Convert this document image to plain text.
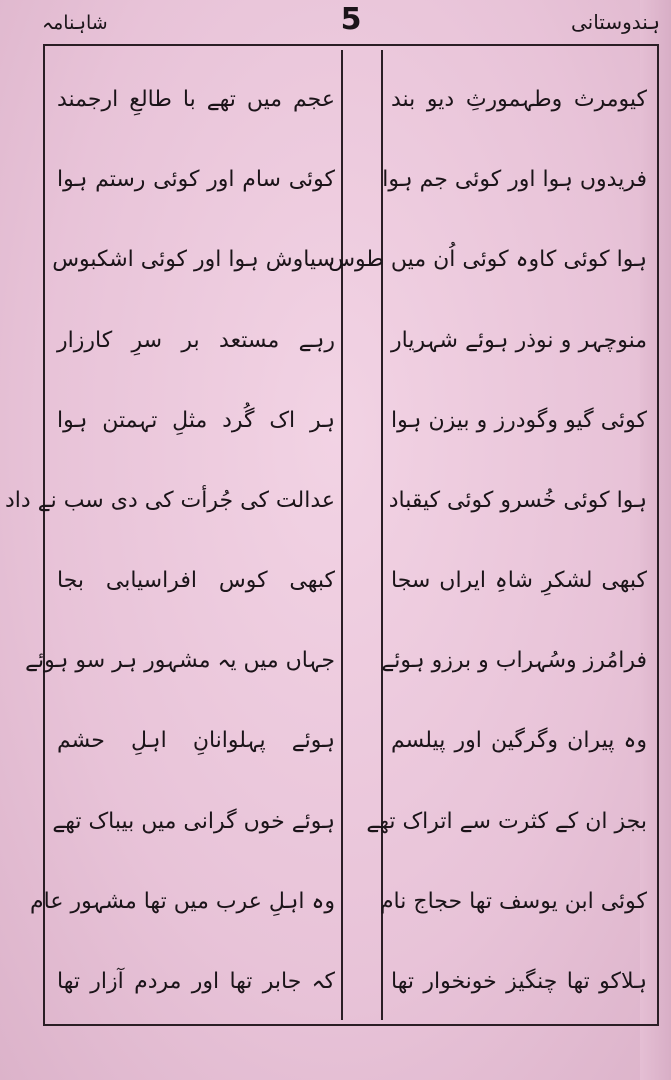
ہندوستانی
5
شاہنامہ
عجم میں تھے با طالعِ ارجمند
کوئی سام اور کوئی رستم ہوا
سیاوش ہوا اور کوئی اشکبوس
رہے مستعد بر سرِ کارزار
ہر اک گُرد مثلِ تہمتن ہوا
عدالت کی جُرأت کی دی سب نے داد
کبھی کوس افراسیابی بجا
جہاں میں یہ مشہور ہر سو ہوئے
ہوئے پہلوانانِ اہلِ حشم
ہوئے خوں گرانی میں بیباک تھے
وہ اہلِ عرب میں تھا مشہور عام
کہ جابر تھا اور مردم آزار تھا
کیومرث وطہمورثِ دیو بند
فریدوں ہوا اور کوئی جم ہوا
ہوا کوئی کاوہ کوئی اُن میں طوس
منوچہر و نوذر ہوئے شہریار
کوئی گیو وگودرز و بیزن ہوا
ہوا کوئی خُسرو کوئی کیقباد
کبھی لشکرِ شاہِ ایراں سجا
فرامُرز وسُہراب و برزو ہوئے
وہ پیران وگرگین اور پیلسم
بجز ان کے کثرت سے اتراک تھے
کوئی ابن یوسف تھا حجاج نام
ہلاکو تھا چنگیز خونخوار تھا
